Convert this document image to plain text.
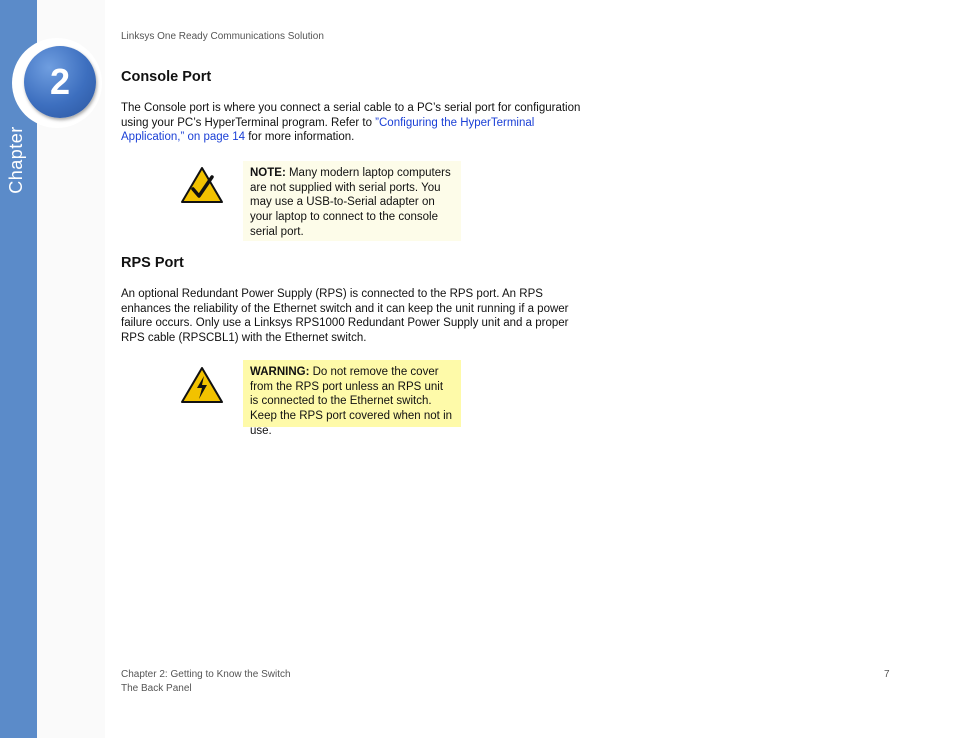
2
Chapter
Linksys One Ready Communications Solution
Console Port

The Console port is where you connect a serial cable to a PC’s serial port for configuration using your PC’s HyperTerminal program. Refer to ”Configuring the HyperTerminal Application,” on page 14 for more information.

NOTE: Many modern laptop computers are not supplied with serial ports. You may use a USB-to-Serial adapter on your laptop to connect to the console serial port.
RPS Port

An optional Redundant Power Supply (RPS) is connected to the RPS port. An RPS enhances the reliability of the Ethernet switch and it can keep the unit running if a power failure occurs. Only use a Linksys RPS1000 Redundant Power Supply unit and a proper RPS cable (RPSCBL1) with the Ethernet switch.

WARNING: Do not remove the cover from the RPS port unless an RPS unit is connected to the Ethernet switch. Keep the RPS port covered when not in use.
Chapter 2: Getting to Know the Switch
The Back Panel
7
